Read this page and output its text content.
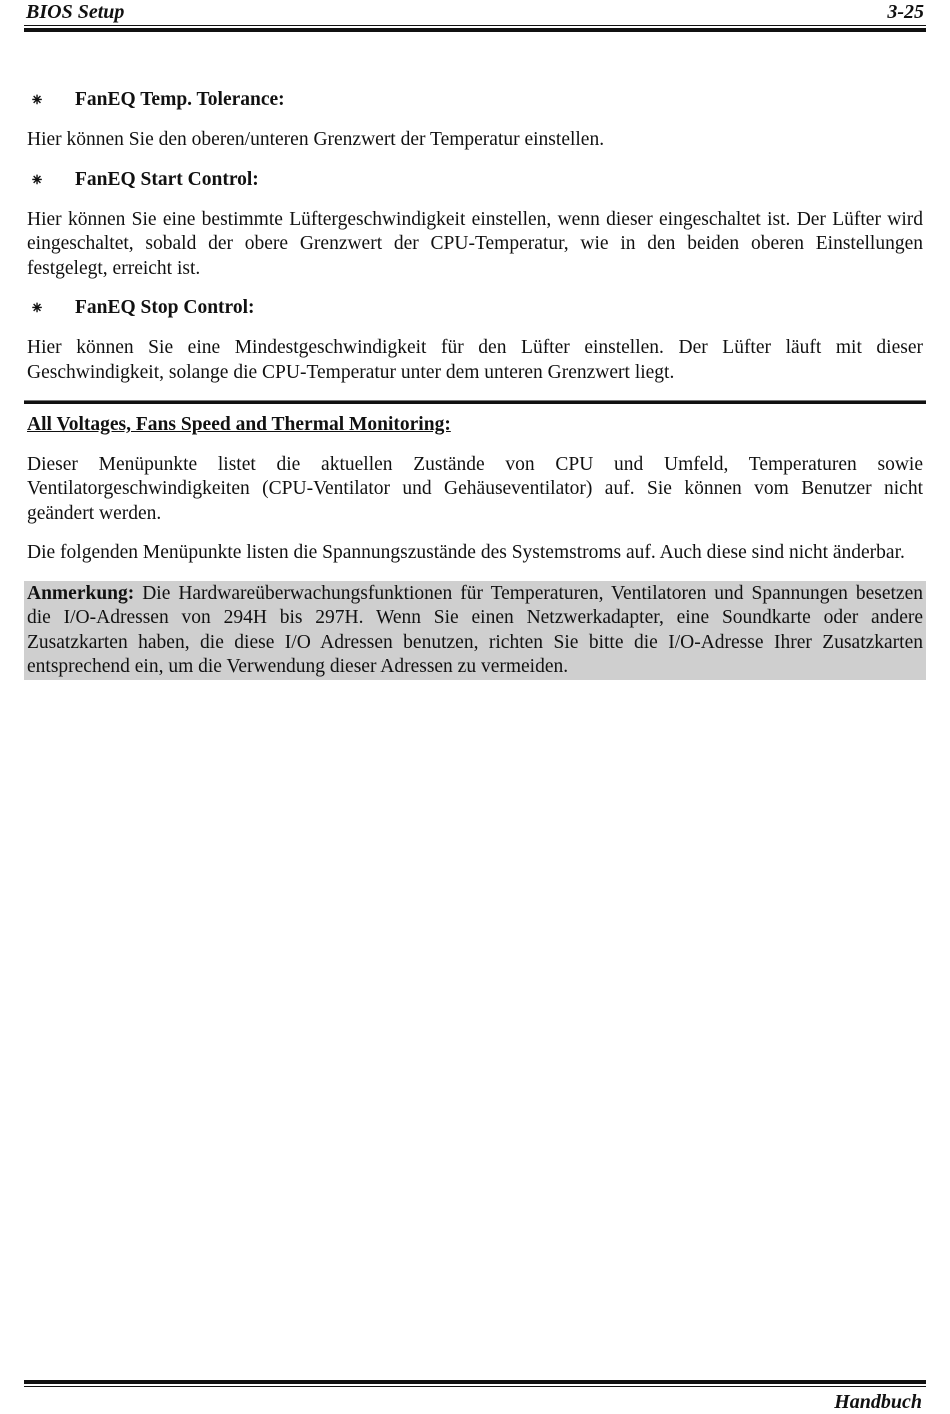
BIOS Setup	3-25
⁕ FanEQ Temp. Tolerance:

Hier können Sie den oberen/unteren Grenzwert der Temperatur einstellen.

⁕ FanEQ Start Control:

Hier können Sie eine bestimmte Lüftergeschwindigkeit einstellen, wenn dieser eingeschaltet ist. Der Lüfter wird eingeschaltet, sobald der obere Grenzwert der CPU-Temperatur, wie in den beiden oberen Einstellungen festgelegt, erreicht ist.

⁕ FanEQ Stop Control:

Hier können Sie eine Mindestgeschwindigkeit für den Lüfter einstellen. Der Lüfter läuft mit dieser Geschwindigkeit, solange die CPU-Temperatur unter dem unteren Grenzwert liegt.

All Voltages, Fans Speed and Thermal Monitoring:

Dieser Menüpunkte listet die aktuellen Zustände von CPU und Umfeld, Temperaturen sowie Ventilatorgeschwindigkeiten (CPU-Ventilator und Gehäuseventilator) auf. Sie können vom Benutzer nicht geändert werden.

Die folgenden Menüpunkte listen die Spannungszustände des Systemstroms auf. Auch diese sind nicht änderbar.

Anmerkung: Die Hardwareüberwachungsfunktionen für Temperaturen, Ventilatoren und Spannungen besetzen die I/O-Adressen von 294H bis 297H. Wenn Sie einen Netzwerkadapter, eine Soundkarte oder andere Zusatzkarten haben, die diese I/O Adressen benutzen, richten Sie bitte die I/O-Adresse Ihrer Zusatzkarten entsprechend ein, um die Verwendung dieser Adressen zu vermeiden.
Handbuch
